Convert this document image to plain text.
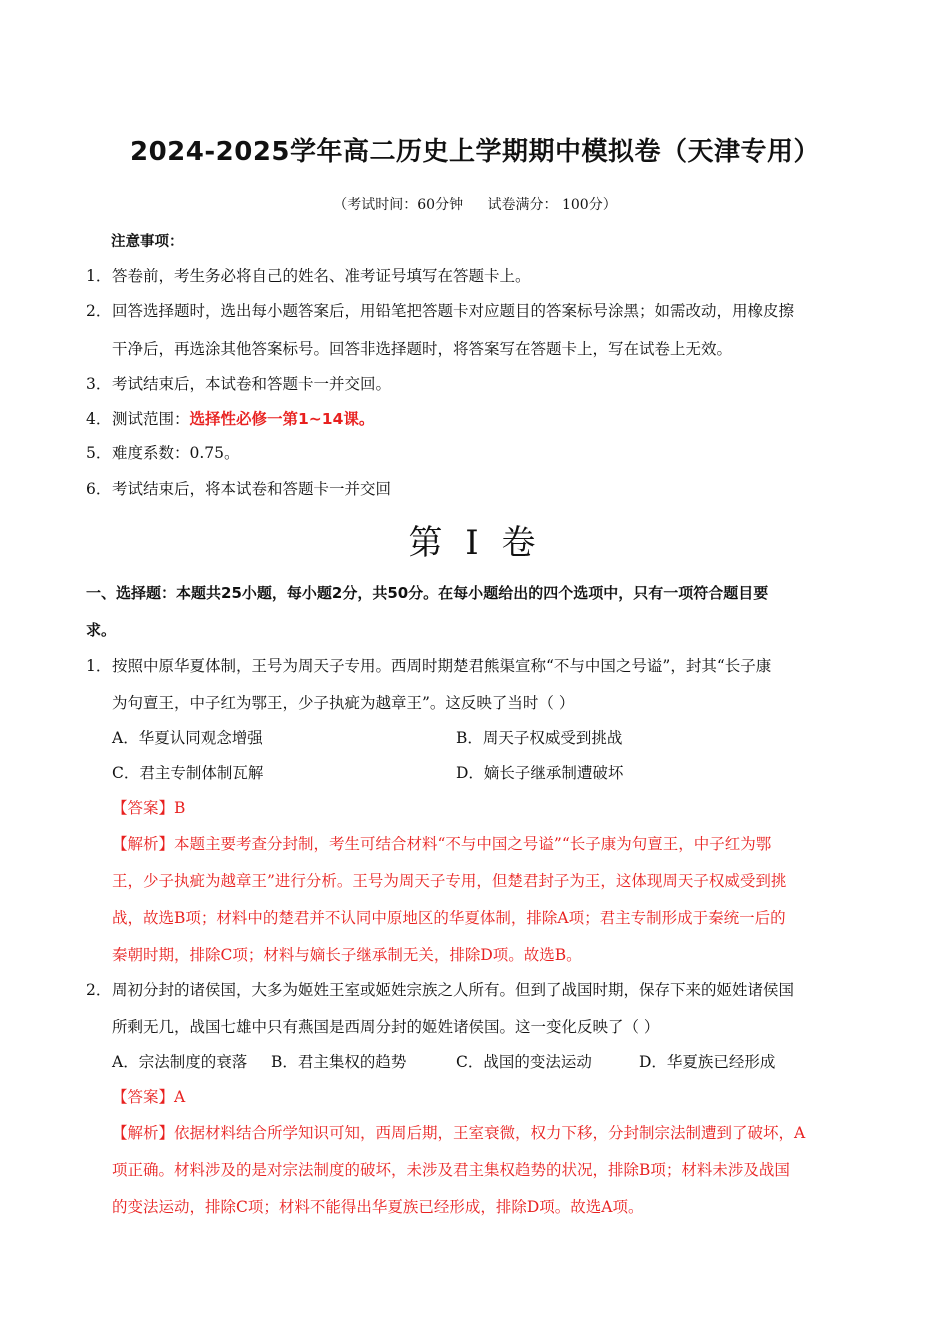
2024-2025学年高二历史上学期期中模拟卷（天津专用）
（考试时间：60分钟 试卷满分： 100分）
注意事项：
1．答卷前，考生务必将自己的姓名、准考证号填写在答题卡上。
2．回答选择题时，选出每小题答案后，用铅笔把答题卡对应题目的答案标号涂黑；如需改动，用橡皮擦
干净后，再选涂其他答案标号。回答非选择题时，将答案写在答题卡上，写在试卷上无效。
3．考试结束后，本试卷和答题卡一并交回。
4．测试范围：选择性必修一第1~14课。
5．难度系数：0.75。
6．考试结束后，将本试卷和答题卡一并交回
第 I 卷
一、选择题：本题共25小题，每小题2分，共50分。在每小题给出的四个选项中，只有一项符合题目要
求。
1．按照中原华夏体制，王号为周天子专用。西周时期楚君熊渠宣称“不与中国之号谥”，封其“长子康
为句亶王，中子红为鄂王，少子执疵为越章王”。这反映了当时（ ）
A．华夏认同观念增强	B．周天子权威受到挑战
C．君主专制体制瓦解	D．嫡长子继承制遭破坏
【答案】B
【解析】本题主要考查分封制，考生可结合材料“不与中国之号谥”“长子康为句亶王，中子红为鄂
王，少子执疵为越章王”进行分析。王号为周天子专用，但楚君封子为王，这体现周天子权威受到挑
战，故选B项；材料中的楚君并不认同中原地区的华夏体制，排除A项；君主专制形成于秦统一后的
秦朝时期，排除C项；材料与嫡长子继承制无关，排除D项。故选B。
2．周初分封的诸侯国，大多为姬姓王室或姬姓宗族之人所有。但到了战国时期，保存下来的姬姓诸侯国
所剩无几，战国七雄中只有燕国是西周分封的姬姓诸侯国。这一变化反映了（ ）
A．宗法制度的衰落 B．君主集权的趋势	C．战国的变法运动	D．华夏族已经形成
【答案】A
【解析】依据材料结合所学知识可知，西周后期，王室衰微，权力下移，分封制宗法制遭到了破坏，A
项正确。材料涉及的是对宗法制度的破坏，未涉及君主集权趋势的状况，排除B项；材料未涉及战国
的变法运动，排除C项；材料不能得出华夏族已经形成，排除D项。故选A项。
